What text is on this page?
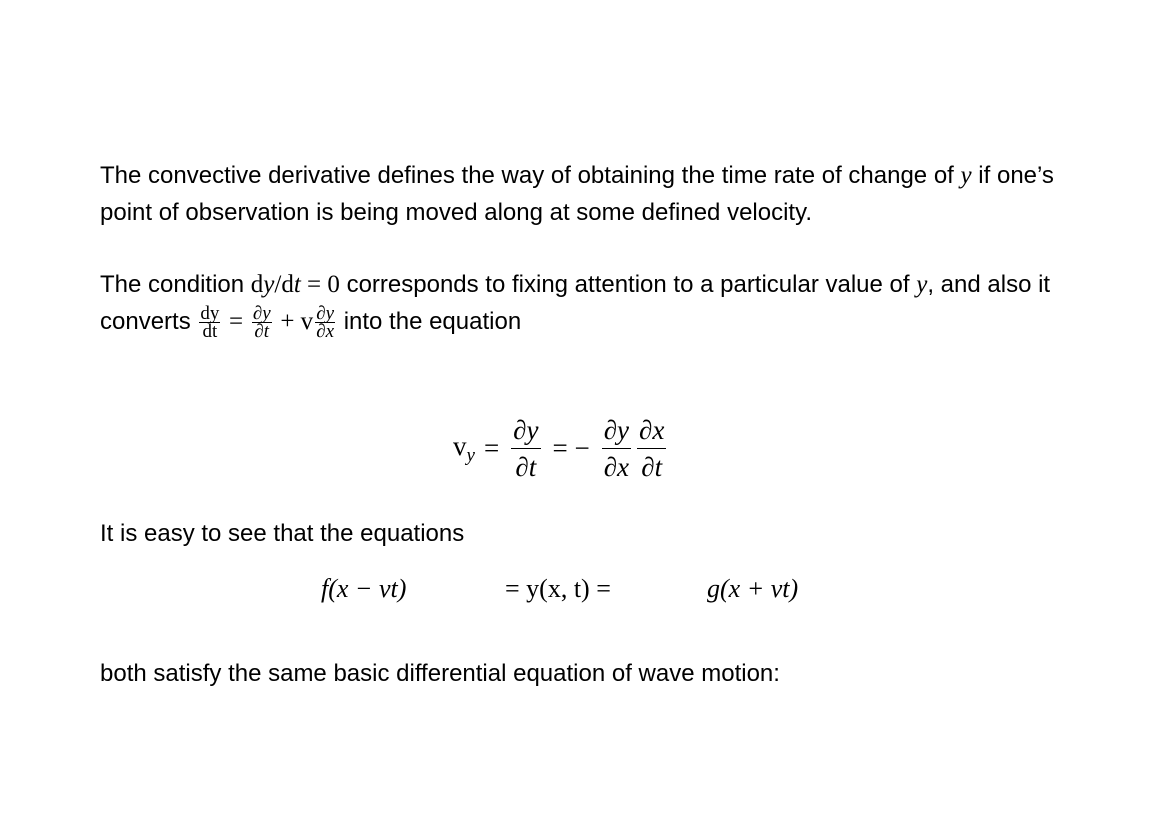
The convective derivative defines the way of obtaining the time rate of change of y if one’s point of observation is being moved along at some defined velocity.
The condition dy/dt = 0 corresponds to fixing attention to a particular value of y, and also it converts $\frac{dy}{dt} = \frac{\partial y}{\partial t} + v \frac{\partial y}{\partial x}$ into the equation
$v_y = \frac{\partial y}{\partial t}$ = − $\frac{\partial y}{\partial x} \frac{\partial x}{\partial t}$
It is easy to see that the equations
f(x − vt)	= y(x, t) =	g(x + vt)
both satisfy the same basic differential equation of wave motion:
